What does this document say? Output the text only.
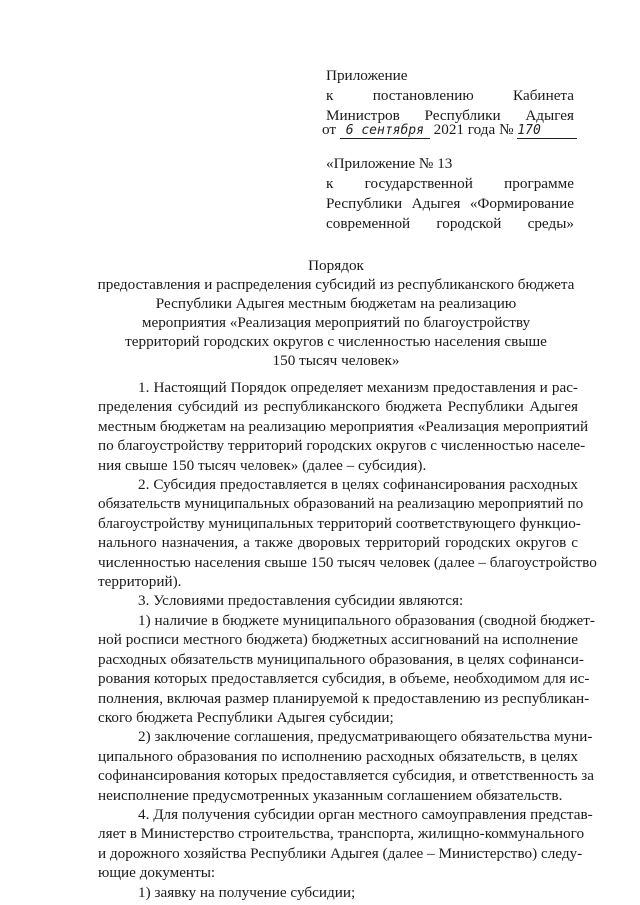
Приложение
к постановлению Кабинета
Министров Республики Адыгея
от 6 сентября 2021 года № 170
«Приложение № 13
к государственной программе
Республики Адыгея «Формирование
современной городской среды»
Порядок
предоставления и распределения субсидий из республиканского бюджета
Республики Адыгея местным бюджетам на реализацию
мероприятия «Реализация мероприятий по благоустройству
территорий городских округов с численностью населения свыше
150 тысяч человек»
1. Настоящий Порядок определяет механизм предоставления и рас-
пределения субсидий из республиканского бюджета Республики Адыгея
местным бюджетам на реализацию мероприятия «Реализация мероприятий
по благоустройству территорий городских округов с численностью населе-
ния свыше 150 тысяч человек» (далее – субсидия).
2. Субсидия предоставляется в целях софинансирования расходных
обязательств муниципальных образований на реализацию мероприятий по
благоустройству муниципальных территорий соответствующего функцио-
нального назначения, а также дворовых территорий городских округов с
численностью населения свыше 150 тысяч человек (далее – благоустройство
территорий).
3. Условиями предоставления субсидии являются:
1) наличие в бюджете муниципального образования (сводной бюджет-
ной росписи местного бюджета) бюджетных ассигнований на исполнение
расходных обязательств муниципального образования, в целях софинанси-
рования которых предоставляется субсидия, в объеме, необходимом для ис-
полнения, включая размер планируемой к предоставлению из республикан-
ского бюджета Республики Адыгея субсидии;
2) заключение соглашения, предусматривающего обязательства муни-
ципального образования по исполнению расходных обязательств, в целях
софинансирования которых предоставляется субсидия, и ответственность за
неисполнение предусмотренных указанным соглашением обязательств.
4. Для получения субсидии орган местного самоуправления представ-
ляет в Министерство строительства, транспорта, жилищно-коммунального
и дорожного хозяйства Республики Адыгея (далее – Министерство) следу-
ющие документы:
1) заявку на получение субсидии;
